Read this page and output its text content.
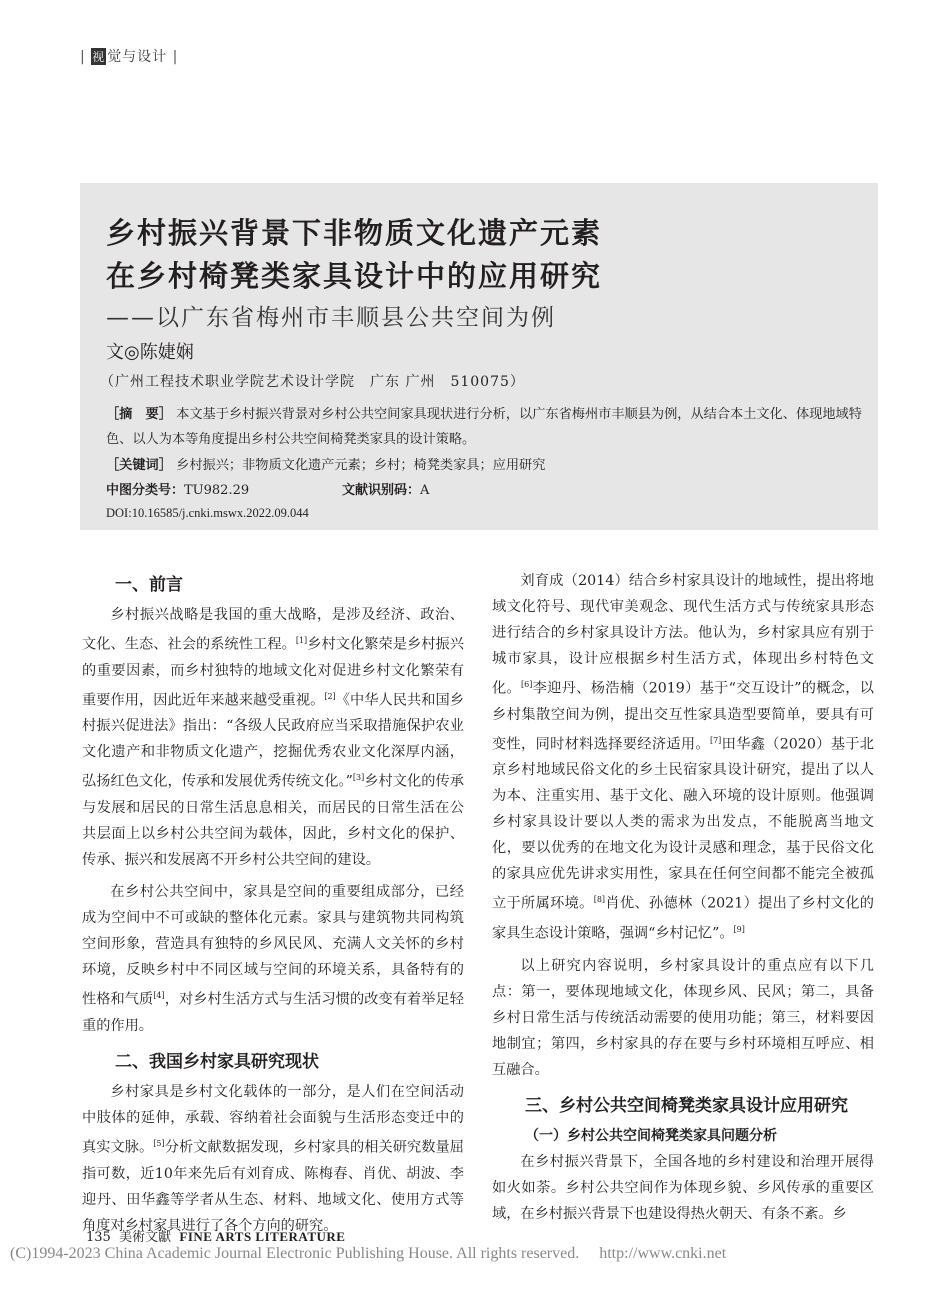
| 视 觉与设计 |
乡村振兴背景下非物质文化遗产元素
在乡村椅凳类家具设计中的应用研究
——以广东省梅州市丰顺县公共空间为例
文◎陈婕娴
（广州工程技术职业学院艺术设计学院　广东 广州　510075）
［摘　要］ 本文基于乡村振兴背景对乡村公共空间家具现状进行分析，以广东省梅州市丰顺县为例，从结合本土文化、体现地域特色、以人为本等角度提出乡村公共空间椅凳类家具的设计策略。
［关键词］ 乡村振兴；非物质文化遗产元素；乡村；椅凳类家具；应用研究
中图分类号：TU982.29	文献识别码：A
DOI:10.16585/j.cnki.mswx.2022.09.044
一、前言

乡村振兴战略是我国的重大战略，是涉及经济、政治、文化、生态、社会的系统性工程。[1]乡村文化繁荣是乡村振兴的重要因素，而乡村独特的地域文化对促进乡村文化繁荣有重要作用，因此近年来越来越受重视。[2]《中华人民共和国乡村振兴促进法》指出：“各级人民政府应当采取措施保护农业文化遗产和非物质文化遗产，挖掘优秀农业文化深厚内涵，弘扬红色文化，传承和发展优秀传统文化。”[3]乡村文化的传承与发展和居民的日常生活息息相关，而居民的日常生活在公共层面上以乡村公共空间为载体，因此，乡村文化的保护、传承、振兴和发展离不开乡村公共空间的建设。

在乡村公共空间中，家具是空间的重要组成部分，已经成为空间中不可或缺的整体化元素。家具与建筑物共同构筑空间形象，营造具有独特的乡风民风、充满人文关怀的乡村环境，反映乡村中不同区域与空间的环境关系，具备特有的性格和气质[4]，对乡村生活方式与生活习惯的改变有着举足轻重的作用。

二、我国乡村家具研究现状

乡村家具是乡村文化载体的一部分，是人们在空间活动中肢体的延伸，承载、容纳着社会面貌与生活形态变迁中的真实文脉。[5]分析文献数据发现，乡村家具的相关研究数量屈指可数，近10年来先后有刘育成、陈梅春、肖优、胡波、李迎丹、田华鑫等学者从生态、材料、地域文化、使用方式等角度对乡村家具进行了各个方向的研究。

刘育成（2014）结合乡村家具设计的地域性，提出将地域文化符号、现代审美观念、现代生活方式与传统家具形态进行结合的乡村家具设计方法。他认为，乡村家具应有别于城市家具，设计应根据乡村生活方式，体现出乡村特色文化。[6]李迎丹、杨浩楠（2019）基于“交互设计”的概念，以乡村集散空间为例，提出交互性家具造型要简单，要具有可变性，同时材料选择要经济适用。[7]田华鑫（2020）基于北京乡村地域民俗文化的乡土民宿家具设计研究，提出了以人为本、注重实用、基于文化、融入环境的设计原则。他强调乡村家具设计要以人类的需求为出发点，不能脱离当地文化，要以优秀的在地文化为设计灵感和理念，基于民俗文化的家具应优先讲求实用性，家具在任何空间都不能完全被孤立于所属环境。[8]肖优、孙德林（2021）提出了乡村文化的家具生态设计策略，强调“乡村记忆”。[9]

以上研究内容说明，乡村家具设计的重点应有以下几点：第一，要体现地域文化，体现乡风、民风；第二，具备乡村日常生活与传统活动需要的使用功能；第三，材料要因地制宜；第四，乡村家具的存在要与乡村环境相互呼应、相互融合。

三、乡村公共空间椅凳类家具设计应用研究
（一）乡村公共空间椅凳类家具问题分析

在乡村振兴背景下，全国各地的乡村建设和治理开展得如火如荼。乡村公共空间作为体现乡貌、乡风传承的重要区域，在乡村振兴背景下也建设得热火朝天、有条不紊。乡

135 美術文獻 FINE ARTS LITERATURE
(C)1994-2023 China Academic Journal Electronic Publishing House. All rights reserved.　 http://www.cnki.net
